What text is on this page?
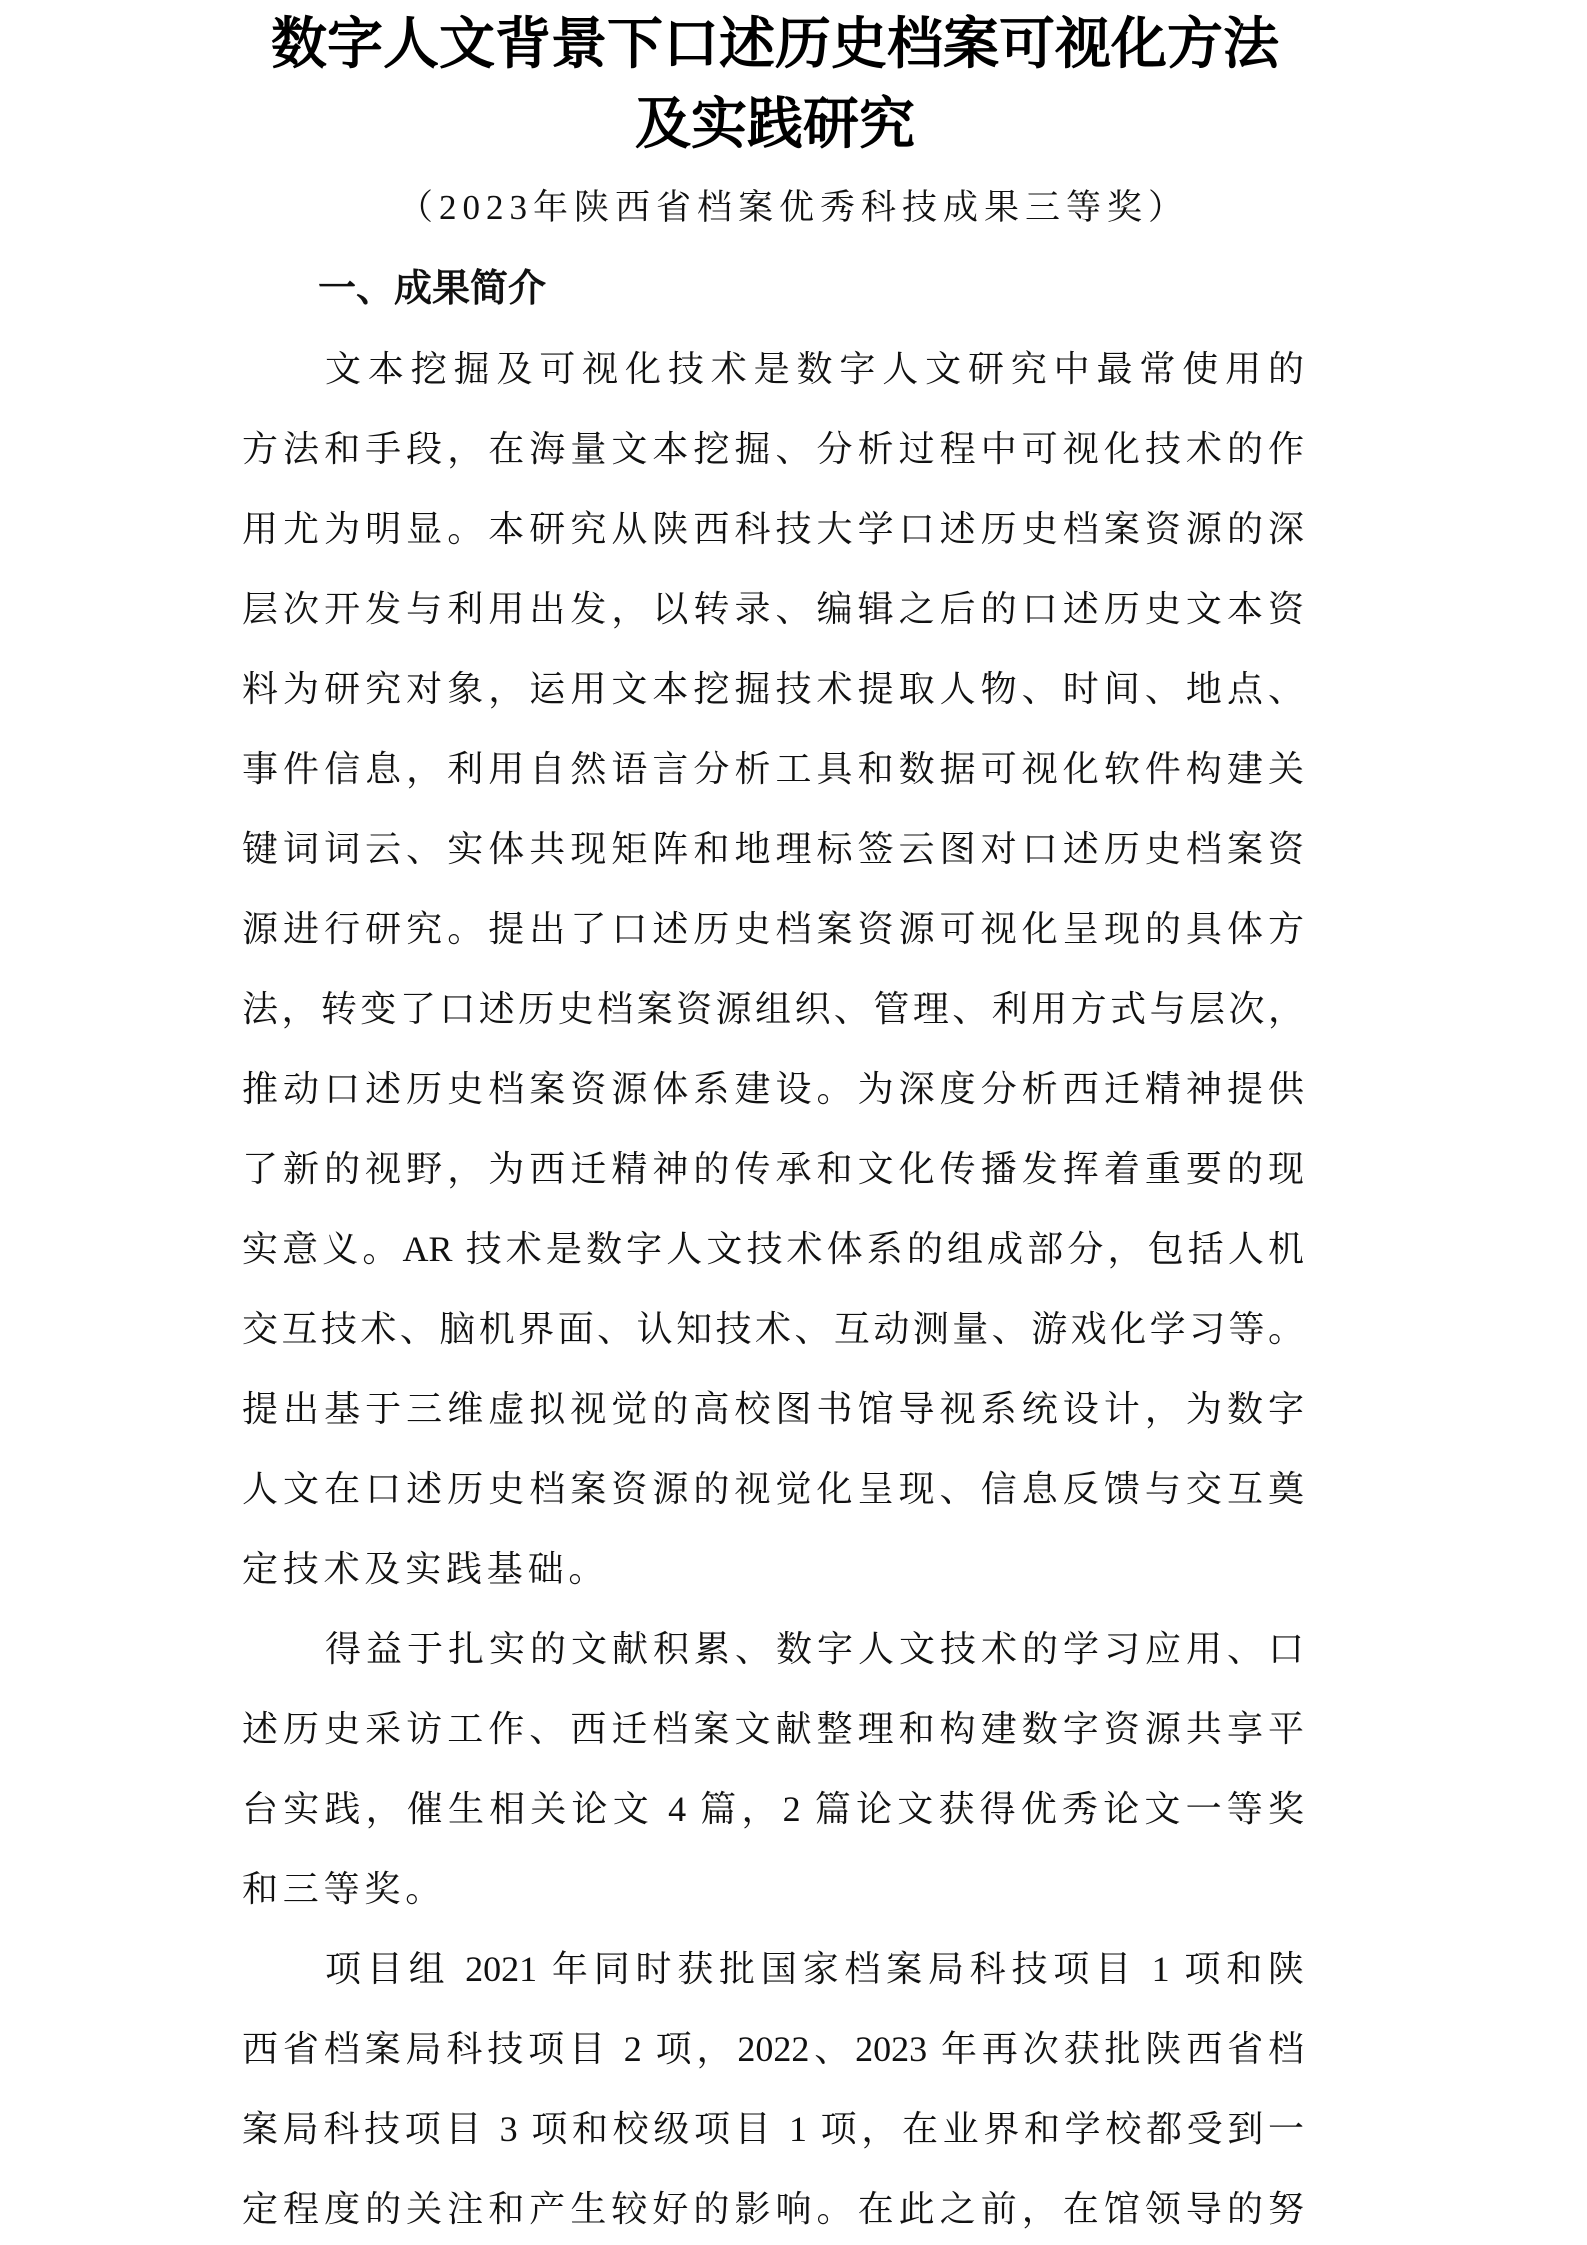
数字人文背景下口述历史档案可视化方法
及实践研究
（2023年陕西省档案优秀科技成果三等奖）
一、成果简介
文本挖掘及可视化技术是数字人文研究中最常使用的
方法和手段，在海量文本挖掘、分析过程中可视化技术的作
用尤为明显。本研究从陕西科技大学口述历史档案资源的深
层次开发与利用出发，以转录、编辑之后的口述历史文本资
料为研究对象，运用文本挖掘技术提取人物、时间、地点、
事件信息，利用自然语言分析工具和数据可视化软件构建关
键词词云、实体共现矩阵和地理标签云图对口述历史档案资
源进行研究。提出了口述历史档案资源可视化呈现的具体方
法，转变了口述历史档案资源组织、管理、利用方式与层次，
推动口述历史档案资源体系建设。为深度分析西迁精神提供
了新的视野，为西迁精神的传承和文化传播发挥着重要的现
实意义。AR 技术是数字人文技术体系的组成部分，包括人机
交互技术、脑机界面、认知技术、互动测量、游戏化学习等。
提出基于三维虚拟视觉的高校图书馆导视系统设计，为数字
人文在口述历史档案资源的视觉化呈现、信息反馈与交互奠
定技术及实践基础。
得益于扎实的文献积累、数字人文技术的学习应用、口
述历史采访工作、西迁档案文献整理和构建数字资源共享平
台实践，催生相关论文 4 篇，2 篇论文获得优秀论文一等奖
和三等奖。
项目组 2021 年同时获批国家档案局科技项目 1 项和陕
西省档案局科技项目 2 项，2022、2023 年再次获批陕西省档
案局科技项目 3 项和校级项目 1 项，在业界和学校都受到一
定程度的关注和产生较好的影响。在此之前，在馆领导的努
